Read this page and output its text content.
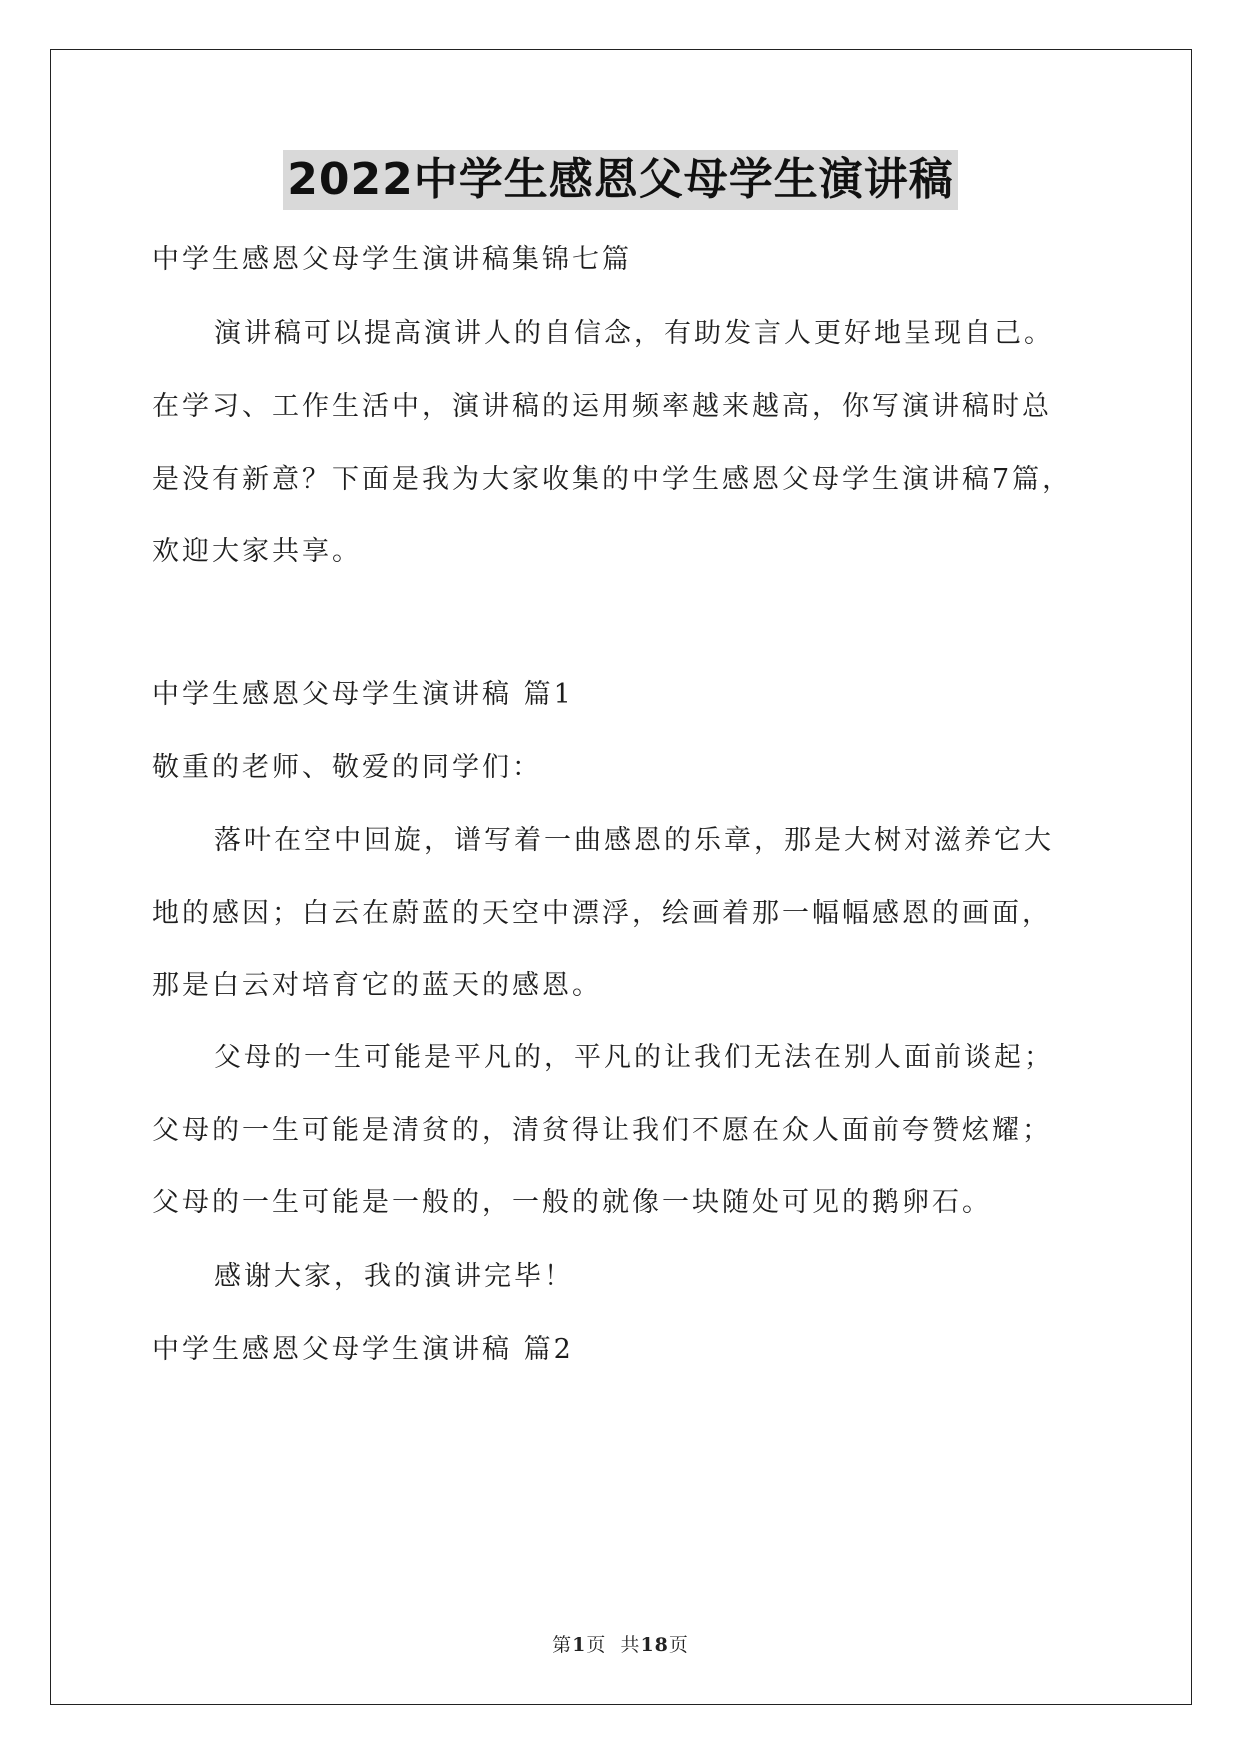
2022中学生感恩父母学生演讲稿
中学生感恩父母学生演讲稿集锦七篇
演讲稿可以提高演讲人的自信念，有助发言人更好地呈现自己。
在学习、工作生活中，演讲稿的运用频率越来越高，你写演讲稿时总
是没有新意？下面是我为大家收集的中学生感恩父母学生演讲稿7篇，
欢迎大家共享。
中学生感恩父母学生演讲稿 篇1
敬重的老师、敬爱的同学们：
落叶在空中回旋，谱写着一曲感恩的乐章，那是大树对滋养它大
地的感因；白云在蔚蓝的天空中漂浮，绘画着那一幅幅感恩的画面，
那是白云对培育它的蓝天的感恩。
父母的一生可能是平凡的，平凡的让我们无法在别人面前谈起；
父母的一生可能是清贫的，清贫得让我们不愿在众人面前夸赞炫耀；
父母的一生可能是一般的，一般的就像一块随处可见的鹅卵石。
感谢大家，我的演讲完毕！
中学生感恩父母学生演讲稿 篇2
第1页  共18页
